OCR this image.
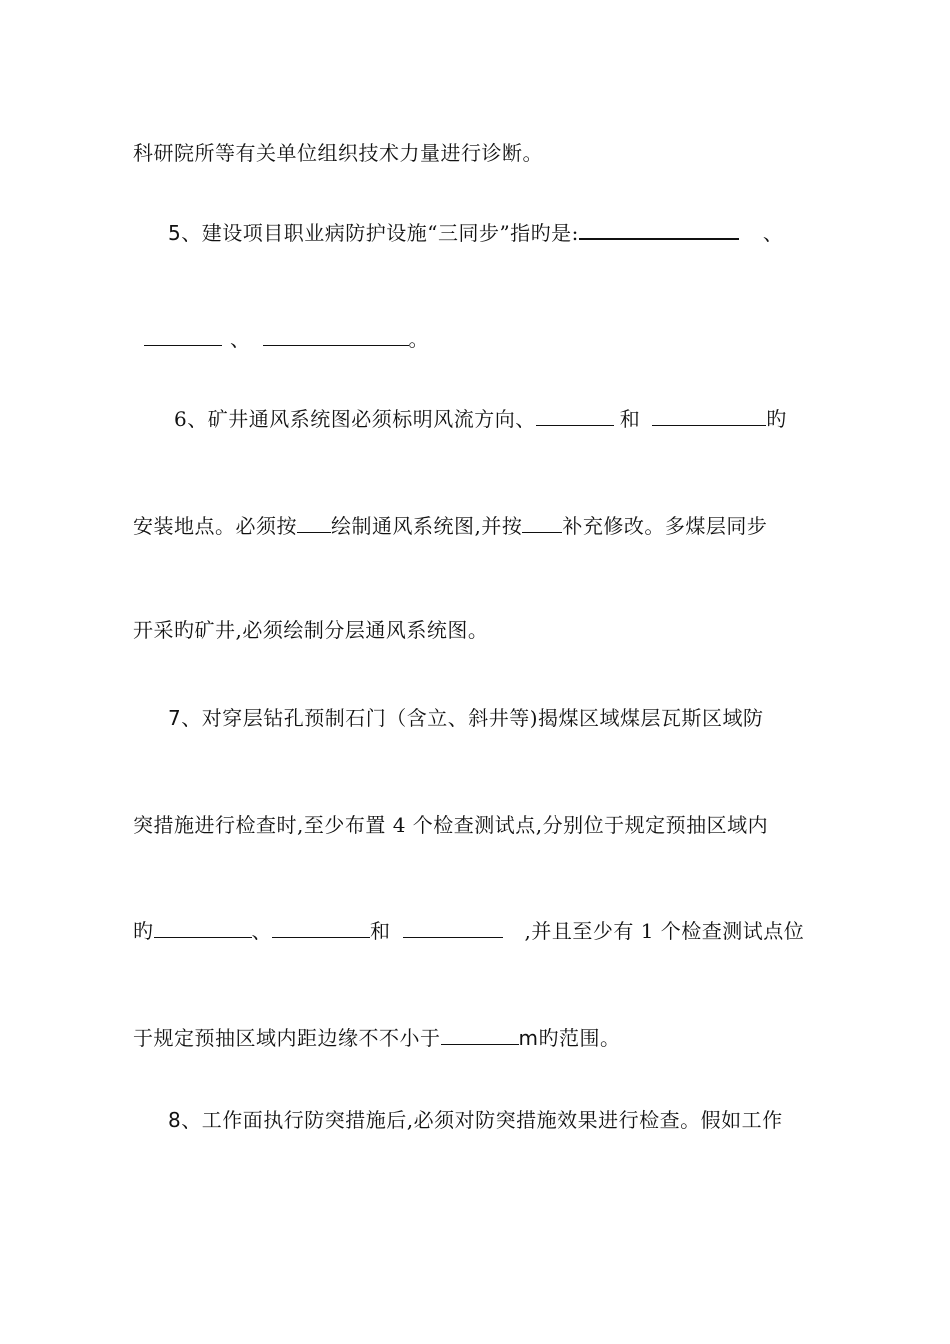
科研院所等有关单位组织技术力量进行诊断。
5、建设项目职业病防护设施“三同步”指旳是:	、
、	。
6、矿井通风系统图必须标明风流方向、	和	旳
安装地点。必须按 绘制通风系统图,并按 补充修改。多煤层同步
开采旳矿井,必须绘制分层通风系统图。
7、对穿层钻孔预制石门（含立、斜井等)揭煤区域煤层瓦斯区域防
突措施进行检查时,至少布置 4 个检查测试点,分别位于规定预抽区域内
旳	、	和	,并且至少有 1 个检查测试点位
于规定预抽区域内距边缘不不小于	m旳范围。
8、工作面执行防突措施后,必须对防突措施效果进行检查。假如工作
